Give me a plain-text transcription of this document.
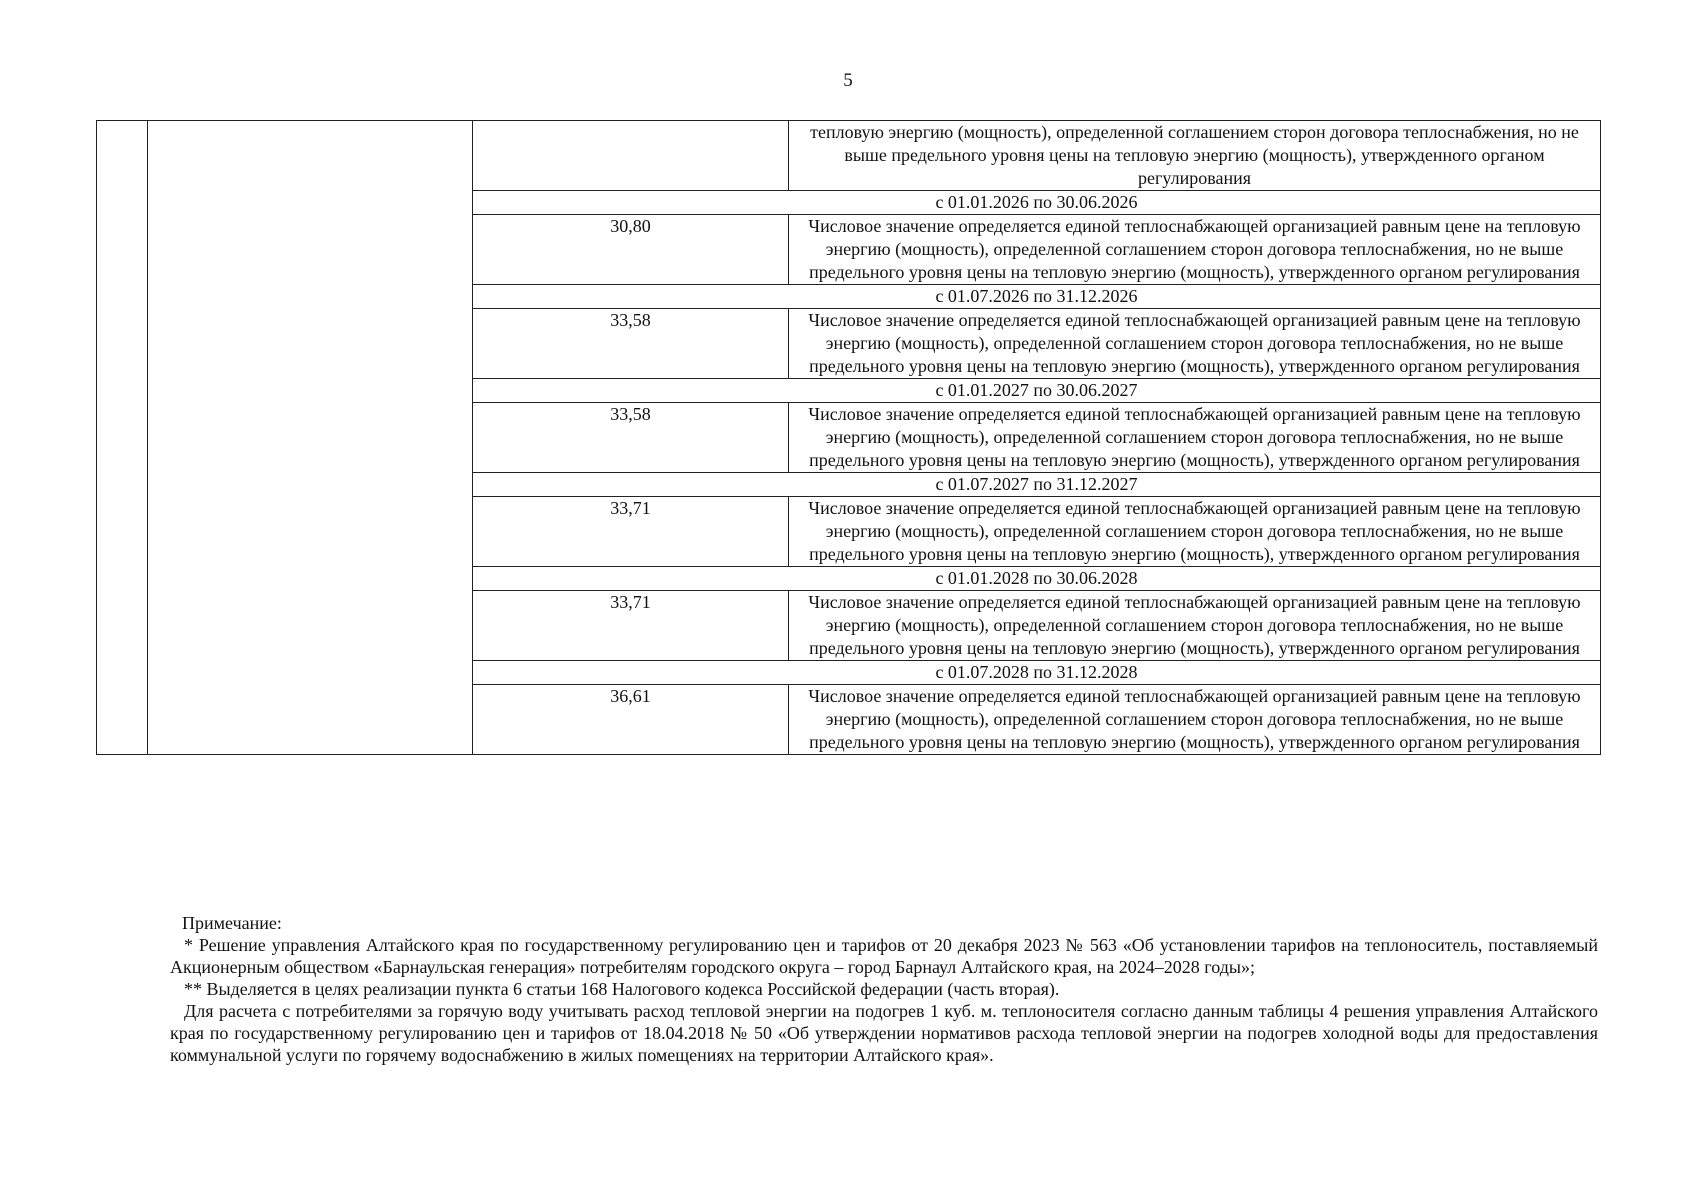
5
			тепловую энергию (мощность), определенной соглашением сторон договора теплоснабжения, но не выше предельного уровня цены на тепловую энергию (мощность), утвержденного органом регулирования
		с 01.01.2026 по 30.06.2026	
		30,80	Числовое значение определяется единой теплоснабжающей организацией равным цене на тепловую энергию (мощность), определенной соглашением сторон договора теплоснабжения, но не выше предельного уровня цены на тепловую энергию (мощность), утвержденного органом регулирования
		с 01.07.2026 по 31.12.2026	
		33,58	Числовое значение определяется единой теплоснабжающей организацией равным цене на тепловую энергию (мощность), определенной соглашением сторон договора теплоснабжения, но не выше предельного уровня цены на тепловую энергию (мощность), утвержденного органом регулирования
		с 01.01.2027 по 30.06.2027	
		33,58	Числовое значение определяется единой теплоснабжающей организацией равным цене на тепловую энергию (мощность), определенной соглашением сторон договора теплоснабжения, но не выше предельного уровня цены на тепловую энергию (мощность), утвержденного органом регулирования
		с 01.07.2027 по 31.12.2027	
		33,71	Числовое значение определяется единой теплоснабжающей организацией равным цене на тепловую энергию (мощность), определенной соглашением сторон договора теплоснабжения, но не выше предельного уровня цены на тепловую энергию (мощность), утвержденного органом регулирования
		с 01.01.2028 по 30.06.2028	
		33,71	Числовое значение определяется единой теплоснабжающей организацией равным цене на тепловую энергию (мощность), определенной соглашением сторон договора теплоснабжения, но не выше предельного уровня цены на тепловую энергию (мощность), утвержденного органом регулирования
		с 01.07.2028 по 31.12.2028	
		36,61	Числовое значение определяется единой теплоснабжающей организацией равным цене на тепловую энергию (мощность), определенной соглашением сторон договора теплоснабжения, но не выше предельного уровня цены на тепловую энергию (мощность), утвержденного органом регулирования

Примечание:

* Решение управления Алтайского края по государственному регулированию цен и тарифов от 20 декабря 2023 № 563 «Об установлении тарифов на теплоноситель, поставляемый Акционерным обществом «Барнаульская генерация» потребителям городского округа – город Барнаул Алтайского края, на 2024–2028 годы»;

** Выделяется в целях реализации пункта 6 статьи 168 Налогового кодекса Российской федерации (часть вторая).

Для расчета с потребителями за горячую воду учитывать расход тепловой энергии на подогрев 1 куб. м. теплоносителя согласно данным таблицы 4 решения управления Алтайского края по государственному регулированию цен и тарифов от 18.04.2018 № 50 «Об утверждении нормативов расхода тепловой энергии на подогрев холодной воды для предоставления коммунальной услуги по горячему водоснабжению в жилых помещениях на территории Алтайского края».
